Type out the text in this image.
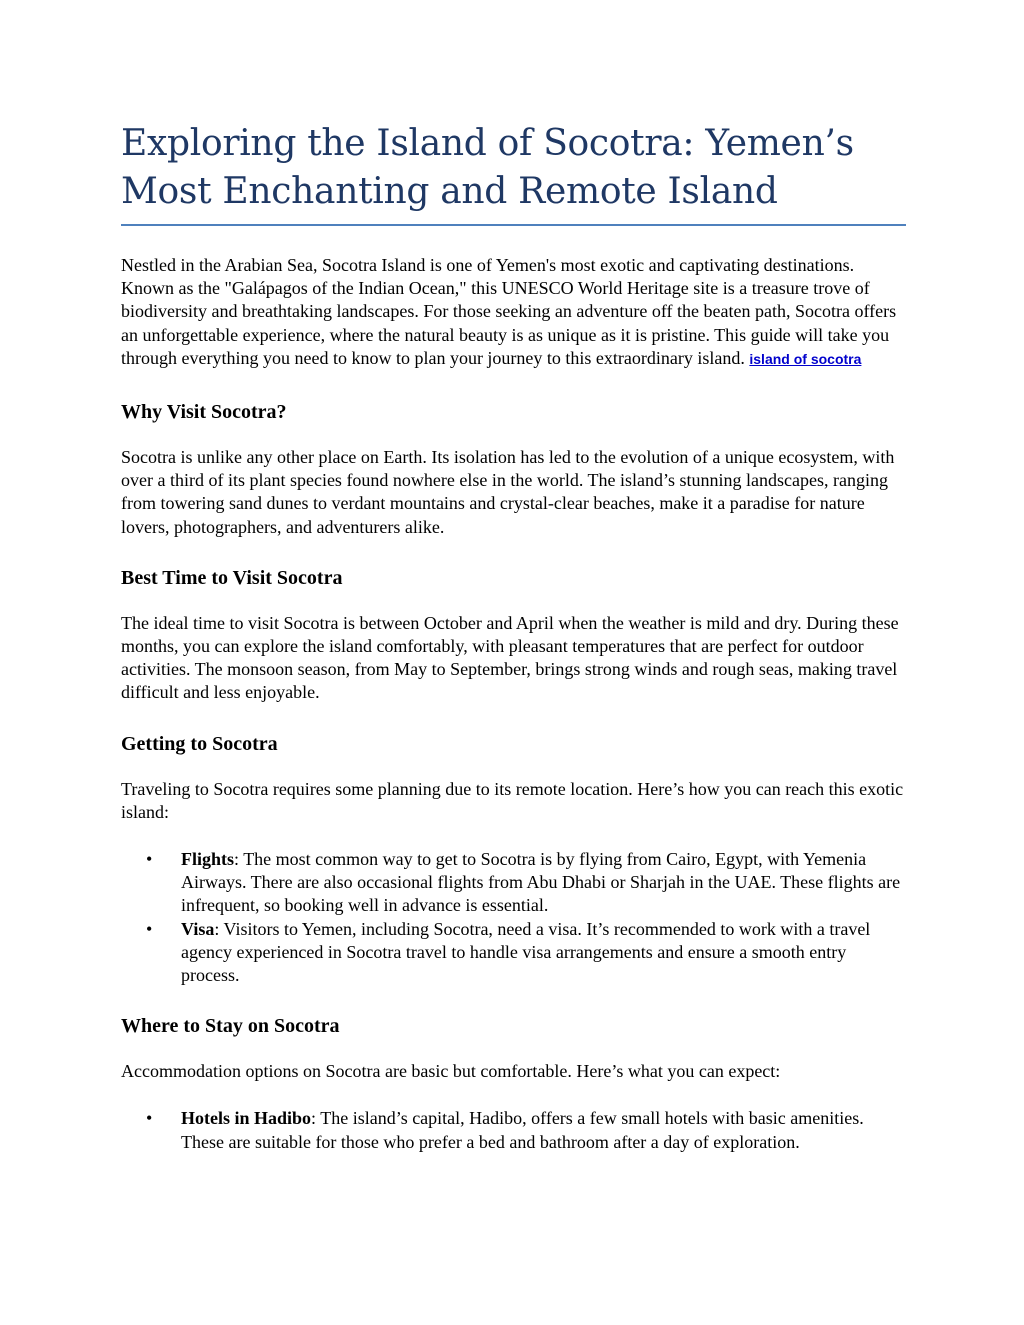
Exploring the Island of Socotra: Yemen’s
Most Enchanting and Remote Island

Nestled in the Arabian Sea, Socotra Island is one of Yemen's most exotic and captivating destinations. Known as the "Galápagos of the Indian Ocean," this UNESCO World Heritage site is a treasure trove of biodiversity and breathtaking landscapes. For those seeking an adventure off the beaten path, Socotra offers an unforgettable experience, where the natural beauty is as unique as it is pristine. This guide will take you through everything you need to know to plan your journey to this extraordinary island. island of socotra

Why Visit Socotra?

Socotra is unlike any other place on Earth. Its isolation has led to the evolution of a unique ecosystem, with over a third of its plant species found nowhere else in the world. The island’s stunning landscapes, ranging from towering sand dunes to verdant mountains and crystal-clear beaches, make it a paradise for nature lovers, photographers, and adventurers alike.

Best Time to Visit Socotra

The ideal time to visit Socotra is between October and April when the weather is mild and dry. During these months, you can explore the island comfortably, with pleasant temperatures that are perfect for outdoor activities. The monsoon season, from May to September, brings strong winds and rough seas, making travel difficult and less enjoyable.

Getting to Socotra

Traveling to Socotra requires some planning due to its remote location. Here’s how you can reach this exotic island:

• Flights: The most common way to get to Socotra is by flying from Cairo, Egypt, with Yemenia Airways. There are also occasional flights from Abu Dhabi or Sharjah in the UAE. These flights are infrequent, so booking well in advance is essential.
• Visa: Visitors to Yemen, including Socotra, need a visa. It’s recommended to work with a travel agency experienced in Socotra travel to handle visa arrangements and ensure a smooth entry process.
Where to Stay on Socotra

Accommodation options on Socotra are basic but comfortable. Here’s what you can expect:

• Hotels in Hadibo: The island’s capital, Hadibo, offers a few small hotels with basic amenities. These are suitable for those who prefer a bed and bathroom after a day of exploration.
